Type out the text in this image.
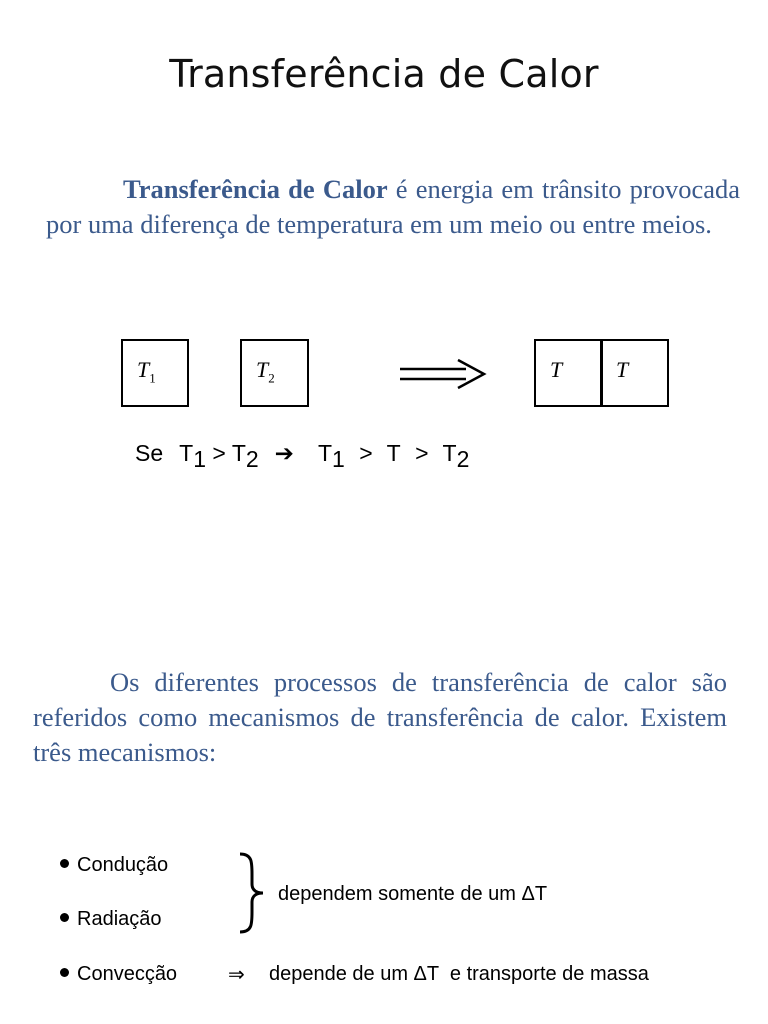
Transferência de Calor
Transferência de Calor é energia em trânsito provocada por uma diferença de temperatura em um meio ou entre meios.
$T_1$	$T_2$	T T
Se T1 > T2 ➔ T1 > T > T2
Os diferentes processos de transferência de calor são referidos como mecanismos de transferência de calor. Existem três mecanismos:
Condução
Radiação
dependem somente de um ΔT
Convecção	⇒ depende de um ΔT  e transporte de massa
